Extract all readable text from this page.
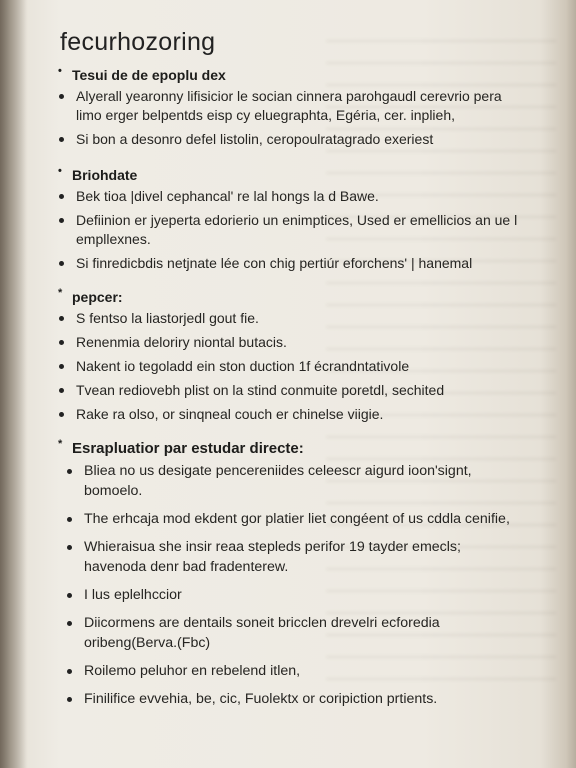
fecurhozoring
• Tesui de de epoplu dex
Alyerall yearonny lifisicior le socian cinnera parohgaudl cerevrio pera limo erger belpentds eisp cy eluegraphta, Egéria, cer. inplieh,
Si bon a desonro defel listolin, ceropoulratagrado exeriest
• Briohdate
Bek tioa |divel cephancal' re lal hongs la d Bawe.
Defiinion er jyeperta edorierio un enimptices, Used er emellicios an ue l empllexnes.
Si finredicbdis netjnate lée con chig pertiúr eforchens' | hanemal
* pepcer:
S fentso la liastorjedl gout fie.
Renenmia deloriry niontal butacis.
Nakent io tegoladd ein ston duction 1f écrandntativole
Tvean rediovebh plist on la stind conmuite poretdl, sechited
Rake ra olso, or sinqneal couch er chinelse viigie.
* Esrapluatior par estudar directe:
Bliea no us desigate pencereniides celeescr aigurd ioon'signt, bomoelo.
The erhcaja mod ekdent gor platier liet congéent of us cddla cenifie,
Whieraisua she insir reaa stepleds perifor 19 tayder emecls; havenoda denr bad fradenterew.
I lus eplelhccior
Diicormens are dentails soneit bricclen drevelri ecforedia oribeng(Berva.(Fbc)
Roilemo peluhor en rebelend itlen,
Finilifice evvehia, be, cic, Fuolektx or coripiction prtients.
